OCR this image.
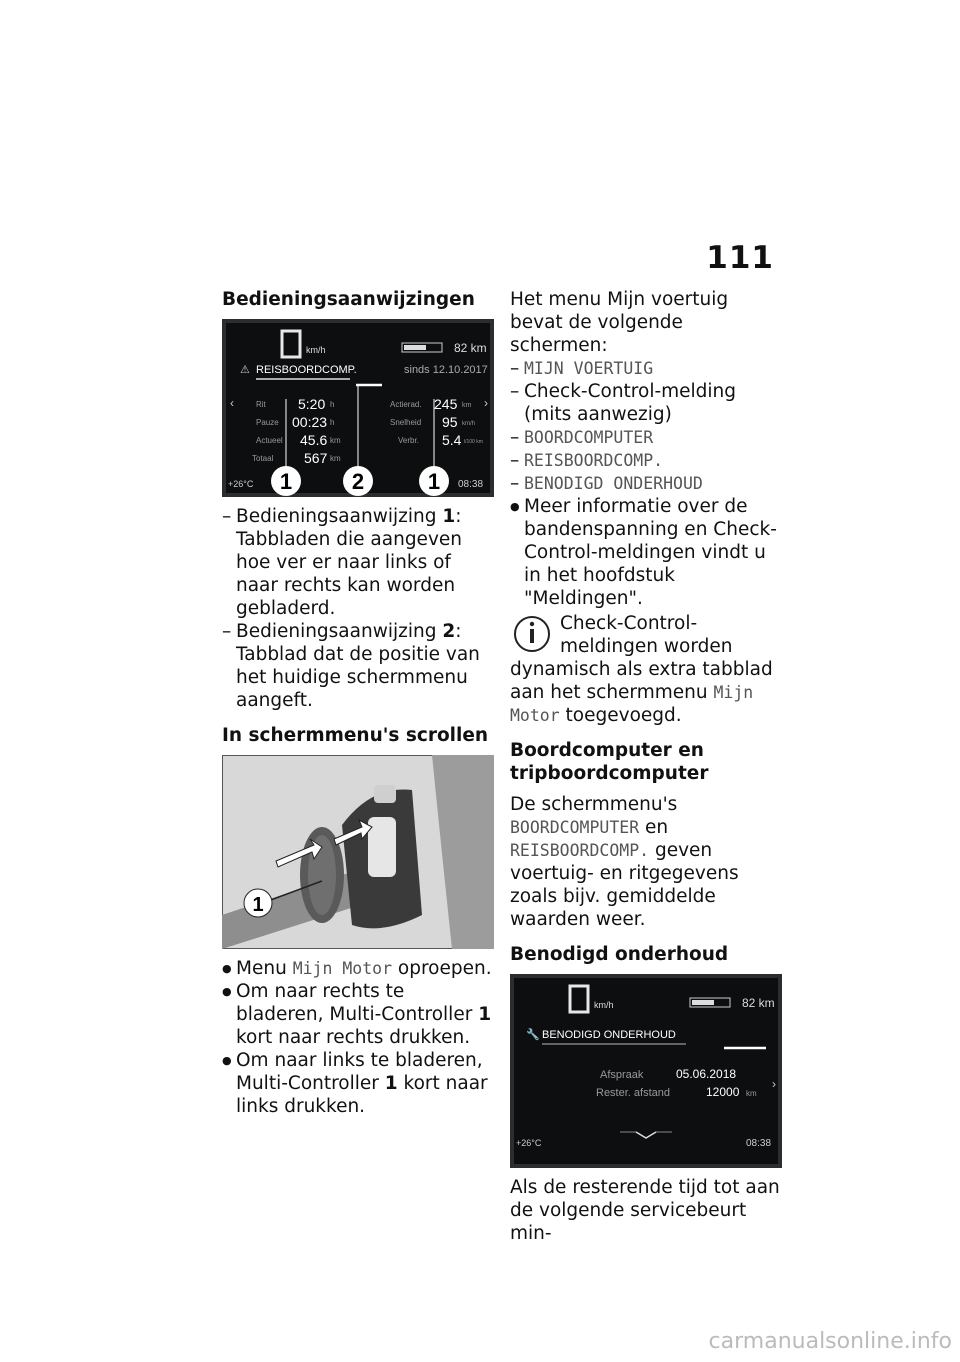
111
Bedieningsaanwijzingen
km/h	82 km
⚠ REISBOORDCOMP.	sinds 12.10.2017
‹	Rit 5:20 h
Pauze 00:23 h
Actueel 45.6 km
Totaal 567 km
Actierad. 245 km
Snelheid 95 km/h
Verbr. 5.4 l/100 km
›
+26°C	08:38
1	2	1

– Bedieningsaanwijzing 1: Tabbladen die aangeven hoe ver er naar links of naar rechts kan worden gebladerd.

– Bedieningsaanwijzing 2: Tabblad dat de positie van het huidige schermmenu aangeft.

In schermmenu's scrollen
1

● Menu Mijn Motor oproepen.

● Om naar rechts te bladeren, Multi-Controller 1 kort naar rechts drukken.

● Om naar links te bladeren, Multi-Controller 1 kort naar links drukken.

Het menu Mijn voertuig bevat de volgende schermen:

– MIJN VOERTUIG

– Check-Control-melding (mits aanwezig)

– BOORDCOMPUTER

– REISBOORDCOMP.

– BENODIGD ONDERHOUD

● Meer informatie over de bandenspanning en Check-Control-meldingen vindt u in het hoofdstuk "Meldingen".

Check-Control-meldingen worden dynamisch als extra tabblad aan het schermmenu Mijn Motor toegevoegd.

Boordcomputer en tripboordcomputer

De schermmenu's BOORDCOMPUTER en REISBOORDCOMP. geven voertuig- en ritgegevens zoals bijv. gemiddelde waarden weer.

Benodigd onderhoud
km/h	82 km
🔧 BENODIGD ONDERHOUD
Afspraak	05.06.2018
Rester. afstand	12000 km
›
+26°C	08:38

Als de resterende tijd tot aan de volgende servicebeurt min-

carmanualsonline.info
